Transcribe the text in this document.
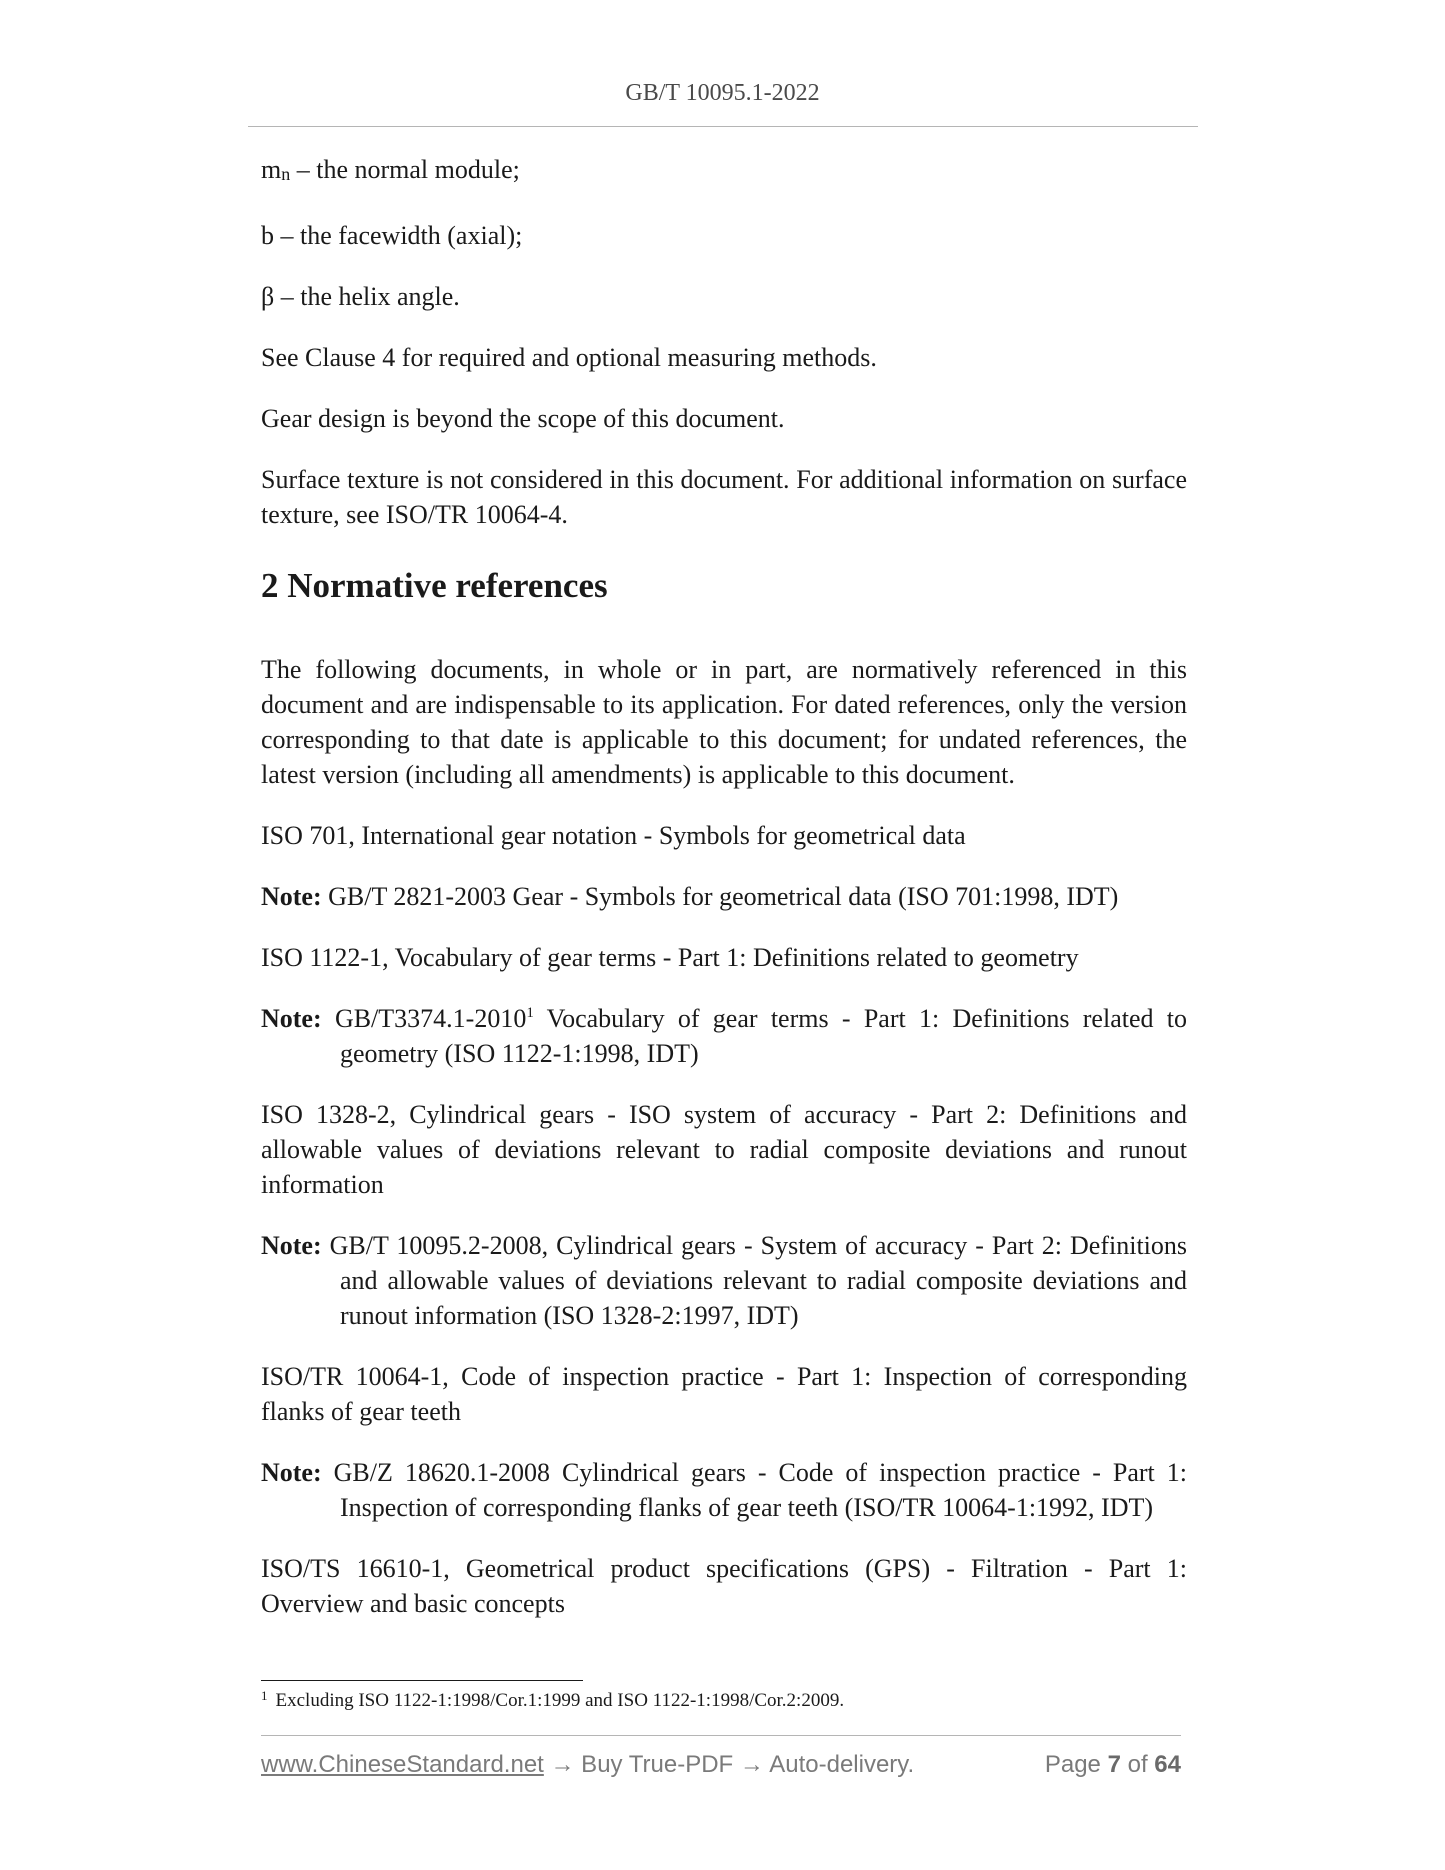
GB/T 10095.1-2022

mn – the normal module;

b – the facewidth (axial);

β – the helix angle.

See Clause 4 for required and optional measuring methods.

Gear design is beyond the scope of this document.

Surface texture is not considered in this document. For additional information on surface texture, see ISO/TR 10064-4.

2 Normative references

The following documents, in whole or in part, are normatively referenced in this document and are indispensable to its application. For dated references, only the version corresponding to that date is applicable to this document; for undated references, the latest version (including all amendments) is applicable to this document.

ISO 701, International gear notation - Symbols for geometrical data

Note: GB/T 2821-2003 Gear - Symbols for geometrical data (ISO 701:1998, IDT)

ISO 1122-1, Vocabulary of gear terms - Part 1: Definitions related to geometry

Note: GB/T3374.1-2010$^1$ Vocabulary of gear terms - Part 1: Definitions related to geometry (ISO 1122-1:1998, IDT)

ISO 1328-2, Cylindrical gears - ISO system of accuracy - Part 2: Definitions and allowable values of deviations relevant to radial composite deviations and runout information

Note: GB/T 10095.2-2008, Cylindrical gears - System of accuracy - Part 2: Definitions and allowable values of deviations relevant to radial composite deviations and runout information (ISO 1328-2:1997, IDT)

ISO/TR 10064-1, Code of inspection practice - Part 1: Inspection of corresponding flanks of gear teeth

Note: GB/Z 18620.1-2008 Cylindrical gears - Code of inspection practice - Part 1: Inspection of corresponding flanks of gear teeth (ISO/TR 10064-1:1992, IDT)

ISO/TS 16610-1, Geometrical product specifications (GPS) - Filtration - Part 1: Overview and basic concepts

$^1$ Excluding ISO 1122-1:1998/Cor.1:1999 and ISO 1122-1:1998/Cor.2:2009.
www.ChineseStandard.net → Buy True-PDF → Auto-delivery.	Page 7 of 64
